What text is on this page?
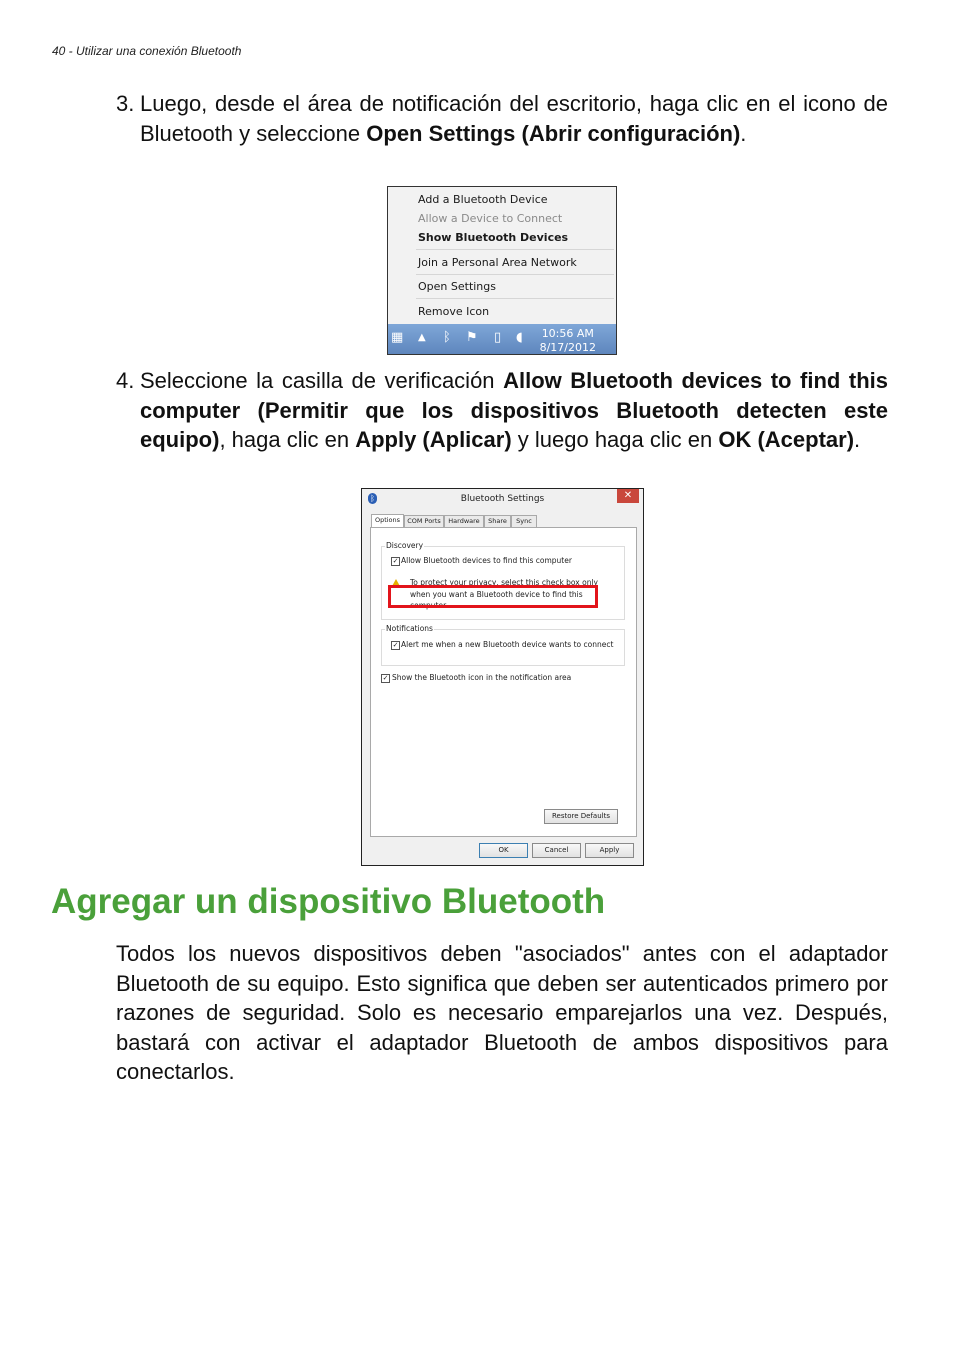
40 - Utilizar una conexión Bluetooth
3. Luego, desde el área de notificación del escritorio, haga clic en el icono de Bluetooth y seleccione Open Settings (Abrir configuración).
Add a Bluetooth Device
Allow a Device to Connect
Show Bluetooth Devices
Join a Personal Area Network
Open Settings
Remove Icon
▦ ▲ ᛒ ⚑ ▯ ◖ 10:56 AM
8/17/2012
4. Seleccione la casilla de verificación Allow Bluetooth devices to find this computer (Permitir que los dispositivos Bluetooth detecten este equipo), haga clic en Apply (Aplicar) y luego haga clic en OK (Aceptar).
ᛒ	Bluetooth Settings	✕
Options	COM Ports	Hardware	Share	Sync
Discovery
✓ Allow Bluetooth devices to find this computer
To protect your privacy, select this check box only when you want a Bluetooth device to find this computer.
Notifications
✓ Alert me when a new Bluetooth device wants to connect
✓ Show the Bluetooth icon in the notification area
Restore Defaults
OK	Cancel	Apply
Agregar un dispositivo Bluetooth
Todos los nuevos dispositivos deben "asociados" antes con el adaptador Bluetooth de su equipo. Esto significa que deben ser autenticados primero por razones de seguridad. Solo es necesario emparejarlos una vez. Después, bastará con activar el adaptador Bluetooth de ambos dispositivos para conectarlos.
